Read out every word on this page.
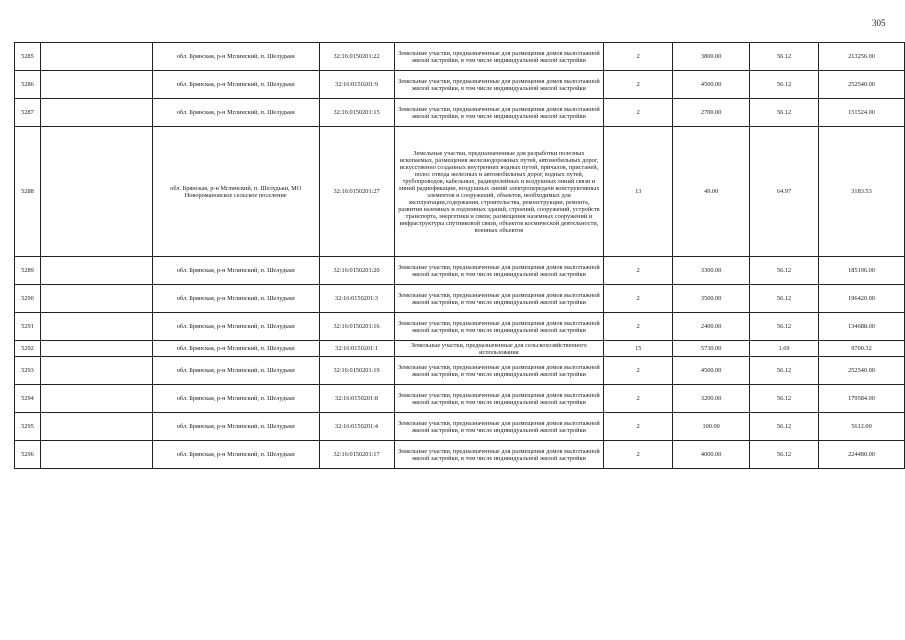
305
5285		обл. Брянская, р-н Мглинский, п. Шелудьки	32:16:0150201:22	Земельные участки, предназначенные для размещения домов малоэтажной жилой застройки, в том числе индивидуальной жилой застройки	2	3800.00	56.12	213256.00
5286		обл. Брянская, р-н Мглинский, п. Шелудьки	32:16:0150201:9	Земельные участки, предназначенные для размещения домов малоэтажной жилой застройки, в том числе индивидуальной жилой застройки	2	4500.00	56.12	252540.00
5287		обл. Брянская, р-н Мглинский, п. Шелудьки	32:16:0150201:15	Земельные участки, предназначенные для размещения домов малоэтажной жилой застройки, в том числе индивидуальной жилой застройки	2	2700.00	56.12	151524.00
5288		обл. Брянская, р-н Мглинский, п. Шелудьки, МО Новоромановское сельское поселение	32:16:0150201:27	Земельные участки, предназначенные для разработки полезных ископаемых, размещения железнодорожных путей, автомобильных дорог, искусственно созданных внутренних водных путей, причалов, пристаней, полос отвода железных и автомобильных дорог, водных путей, трубопроводов, кабельных, радиорелейных и воздушных линий связи и линий радиофикации, воздушных линий электропередачи конструктивных элементов и сооружений, объектов, необходимых для эксплуатации,содержания, строительства, реконструкции, ремонта, развития наземных и подземных зданий, строений, сооружений, устройств транспорта, энергетики и связи; размещения наземных сооружений и инфраструктуры спутниковой связи, объектов космической деятельности, военных объектов	13	49.00	64.97	3183.53
5289		обл. Брянская, р-н Мглинский, п. Шелудьки	32:16:0150201:20	Земельные участки, предназначенные для размещения домов малоэтажной жилой застройки, в том числе индивидуальной жилой застройки	2	3300.00	56.12	185196.00
5290		обл. Брянская, р-н Мглинский, п. Шелудьки	32:16:0150201:3	Земельные участки, предназначенные для размещения домов малоэтажной жилой застройки, в том числе индивидуальной жилой застройки	2	3500.00	56.12	196420.00
5291		обл. Брянская, р-н Мглинский, п. Шелудьки	32:16:0150201:16	Земельные участки, предназначенные для размещения домов малоэтажной жилой застройки, в том числе индивидуальной жилой застройки	2	2400.00	56.12	134688.00
5292		обл. Брянская, р-н Мглинский, п. Шелудьки	32:16:0150201:1	Земельные участки, предназначенные для сельскохозяйственного использования	15	5730.00	1.69	9700.32
5293		обл. Брянская, р-н Мглинский, п. Шелудьки	32:16:0150201:19	Земельные участки, предназначенные для размещения домов малоэтажной жилой застройки, в том числе индивидуальной жилой застройки	2	4500.00	56.12	252540.00
5294		обл. Брянская, р-н Мглинский, п. Шелудьки	32:16:0150201:8	Земельные участки, предназначенные для размещения домов малоэтажной жилой застройки, в том числе индивидуальной жилой застройки	2	3200.00	56.12	179584.00
5295		обл. Брянская, р-н Мглинский, п. Шелудьки	32:16:0150201:4	Земельные участки, предназначенные для размещения домов малоэтажной жилой застройки, в том числе индивидуальной жилой застройки	2	100.00	56.12	5612.00
5296		обл. Брянская, р-н Мглинский, п. Шелудьки	32:16:0150201:17	Земельные участки, предназначенные для размещения домов малоэтажной жилой застройки, в том числе индивидуальной жилой застройки	2	4000.00	56.12	224480.00
